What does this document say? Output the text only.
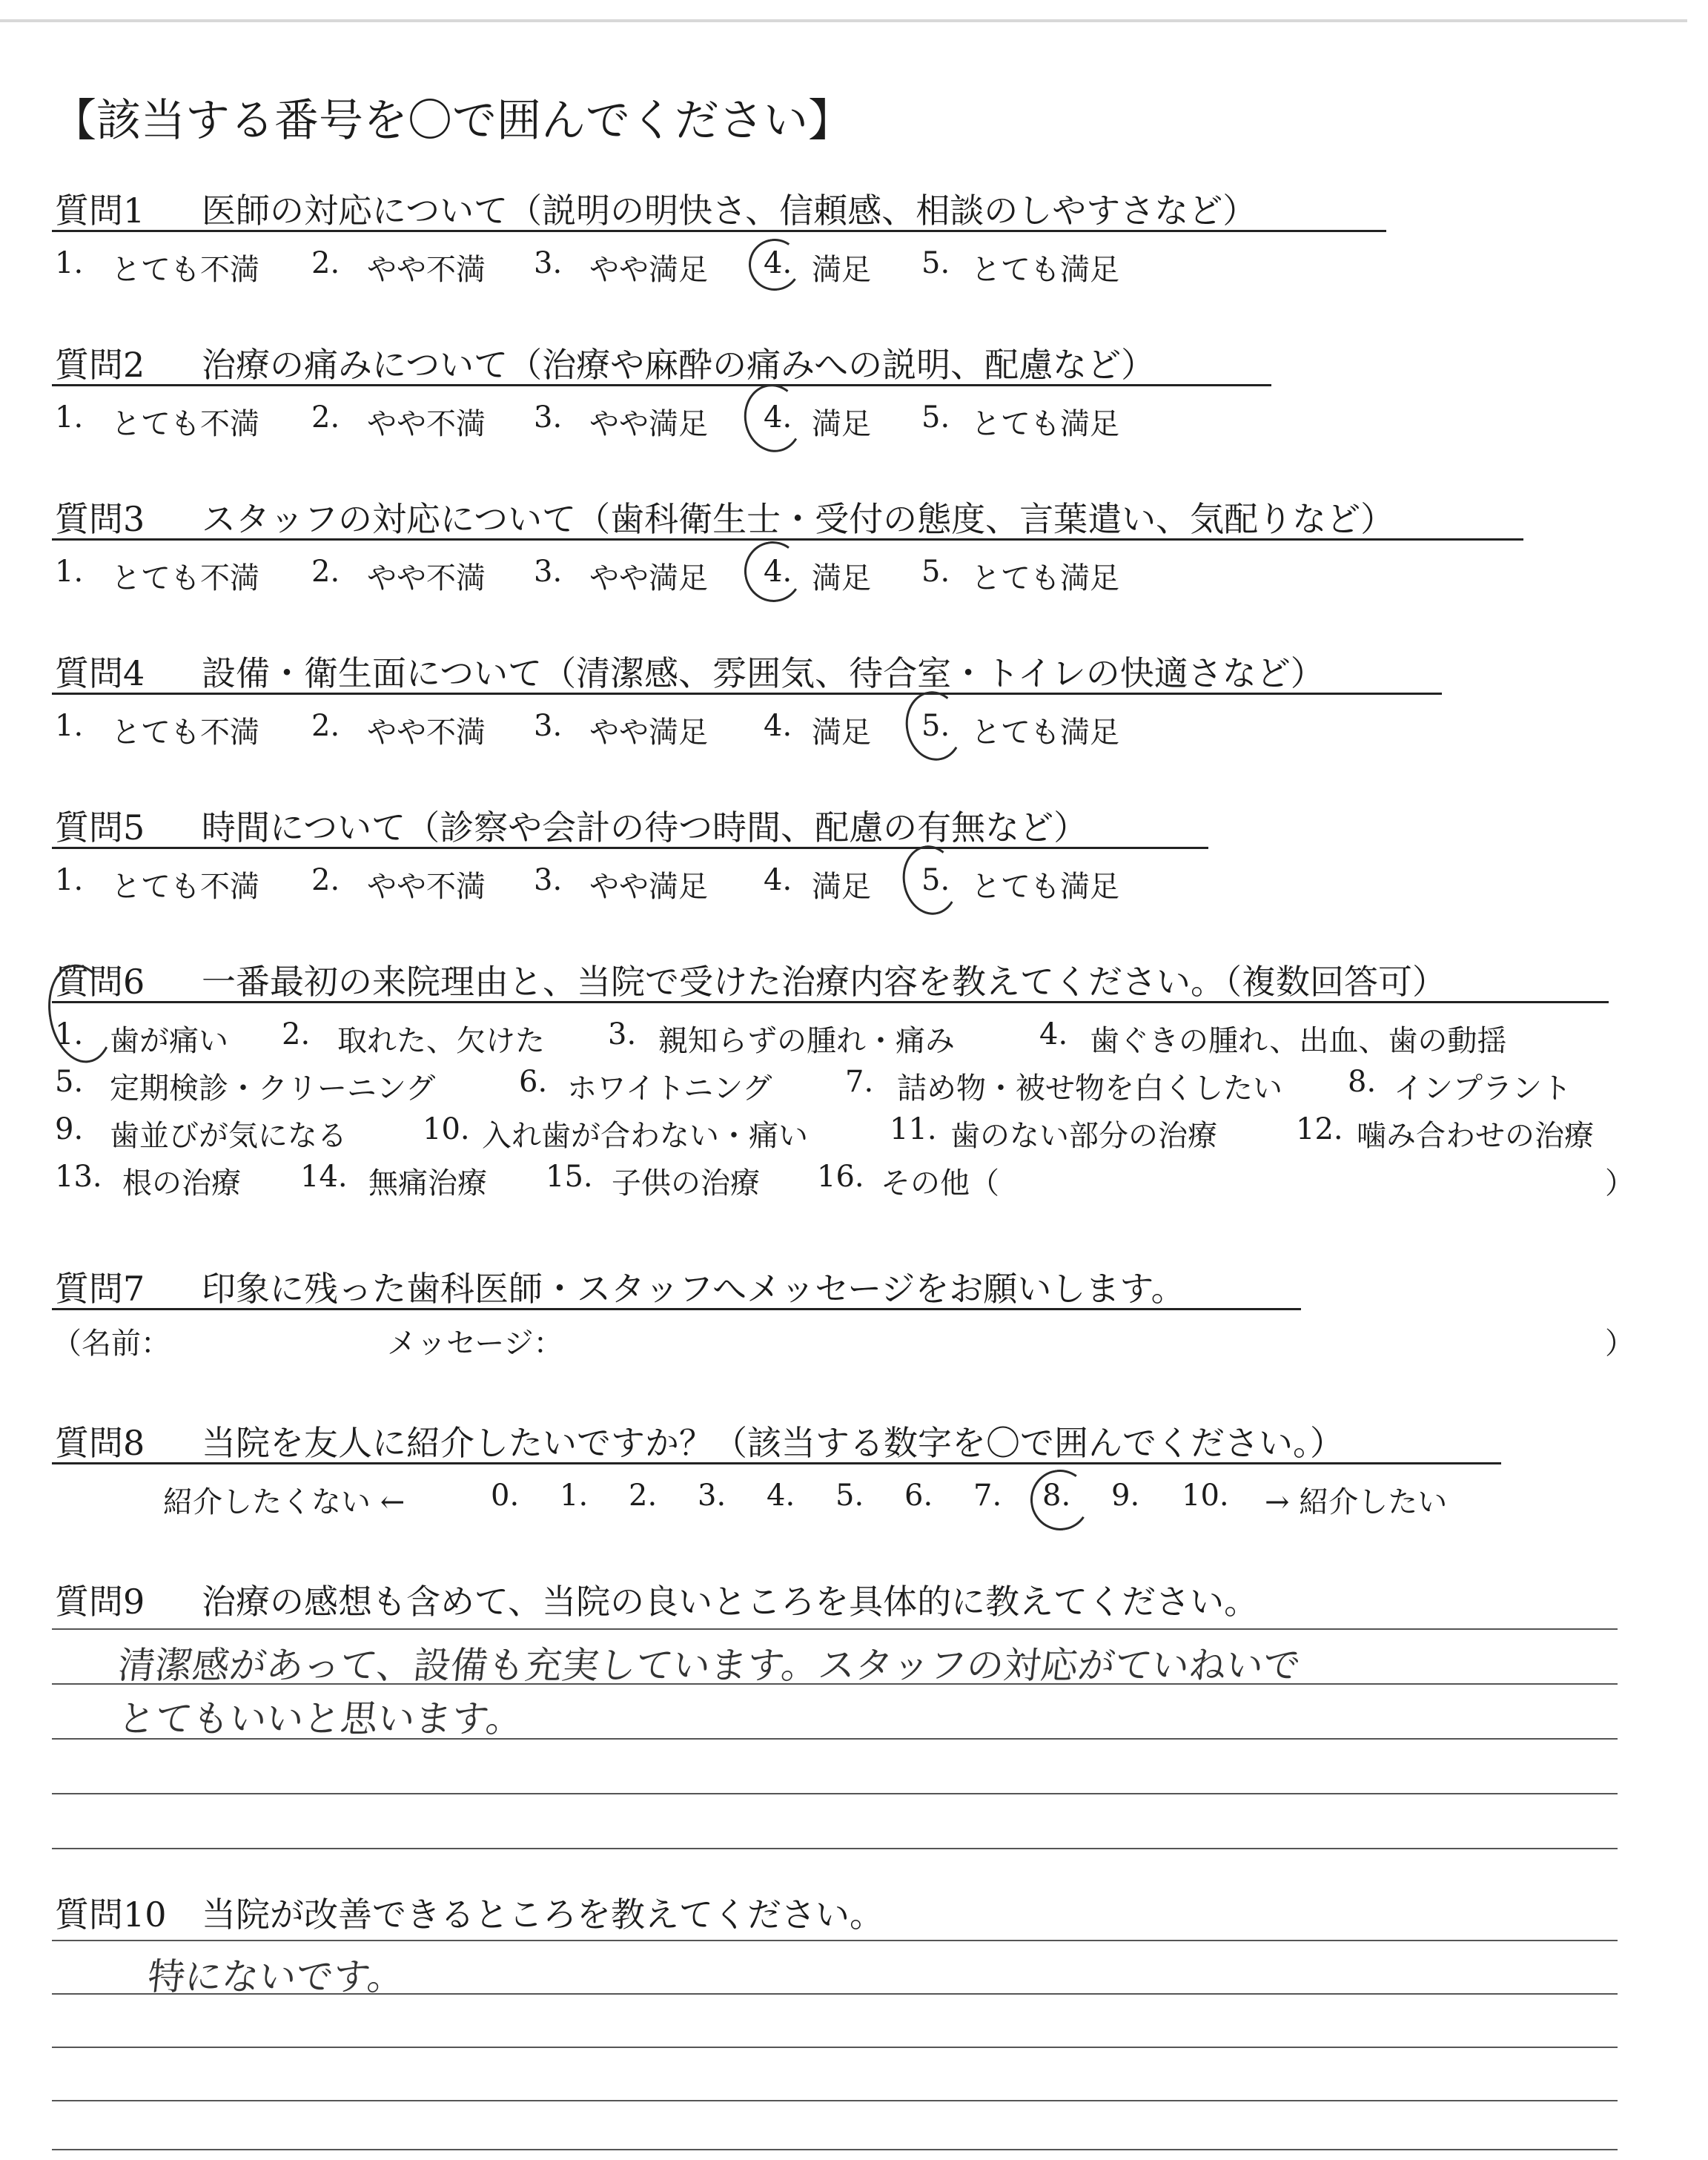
【該当する番号を〇で囲んでください】
質問1 医師の対応について（説明の明快さ、信頼感、相談のしやすさなど）
質問2 治療の痛みについて（治療や麻酔の痛みへの説明、配慮など）
質問3 スタッフの対応について（歯科衛生士・受付の態度、言葉遣い、気配りなど）
質問4 設備・衛生面について（清潔感、雰囲気、待合室・トイレの快適さなど）
質問5 時間について（診察や会計の待つ時間、配慮の有無など）
質問6 一番最初の来院理由と、当院で受けた治療内容を教えてください。（複数回答可）
1. 歯が痛い 2. 取れた、欠けた 3. 親知らずの腫れ・痛み	4. 歯ぐきの腫れ、出血、歯の動揺
5. 定期検診・クリーニング	6. ホワイトニング 7. 詰め物・被せ物を白くしたい 8. インプラント
9. 歯並びが気になる	10. 入れ歯が合わない・痛い	11. 歯のない部分の治療	12. 噛み合わせの治療
13. 根の治療 14. 無痛治療 15. 子供の治療 16. その他（	）
質問7 印象に残った歯科医師・スタッフへメッセージをお願いします。
（名前：	メッセージ：	）
質問8 当院を友人に紹介したいですか？（該当する数字を〇で囲んでください。）
紹介したくない ←	0. 1. 2. 3. 4. 5. 6. 7. 8. 9. 10. → 紹介したい
質問9 治療の感想も含めて、当院の良いところを具体的に教えてください。
清潔感があって、設備も充実しています。スタッフの対応がていねいで
とてもいいと思います。
質問10 当院が改善できるところを教えてください。
特にないです。
1. とても不満 2. やや不満 3. やや満足 4. 満足 5. とても満足
1. とても不満 2. やや不満 3. やや満足 4. 満足 5. とても満足
1. とても不満 2. やや不満 3. やや満足 4. 満足 5. とても満足
1. とても不満 2. やや不満 3. やや満足 4. 満足 5. とても満足
1. とても不満 2. やや不満 3. やや満足 4. 満足 5. とても満足
